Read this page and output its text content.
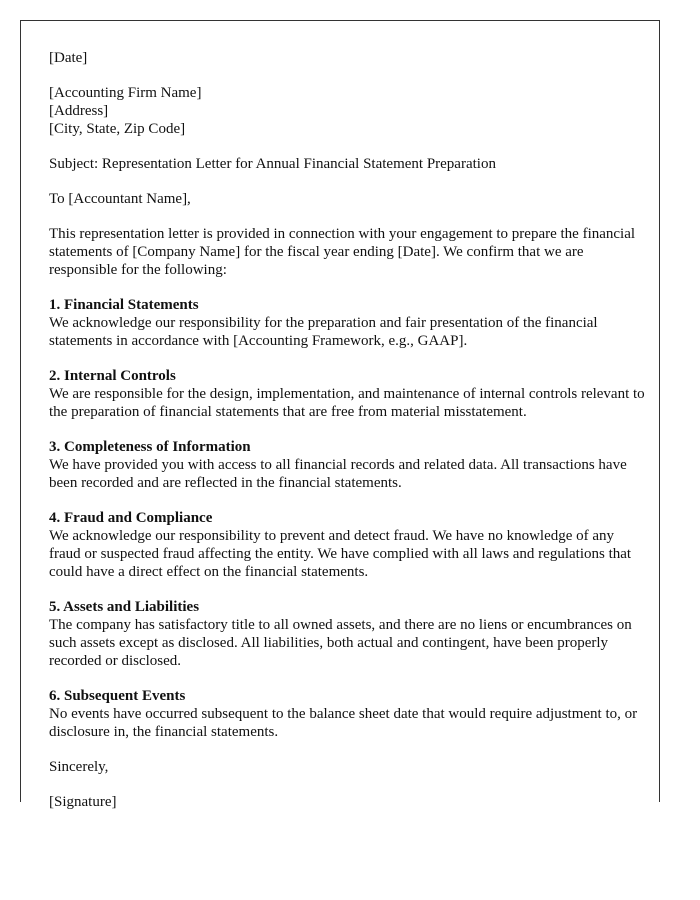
[Date]

[Accounting Firm Name]
[Address]
[City, State, Zip Code]

Subject: Representation Letter for Annual Financial Statement Preparation

To [Accountant Name],

This representation letter is provided in connection with your engagement to prepare the financial statements of [Company Name] for the fiscal year ending [Date]. We confirm that we are responsible for the following:

1. Financial Statements
We acknowledge our responsibility for the preparation and fair presentation of the financial statements in accordance with [Accounting Framework, e.g., GAAP].

2. Internal Controls
We are responsible for the design, implementation, and maintenance of internal controls relevant to the preparation of financial statements that are free from material misstatement.

3. Completeness of Information
We have provided you with access to all financial records and related data. All transactions have been recorded and are reflected in the financial statements.

4. Fraud and Compliance
We acknowledge our responsibility to prevent and detect fraud. We have no knowledge of any fraud or suspected fraud affecting the entity. We have complied with all laws and regulations that could have a direct effect on the financial statements.

5. Assets and Liabilities
The company has satisfactory title to all owned assets, and there are no liens or encumbrances on such assets except as disclosed. All liabilities, both actual and contingent, have been properly recorded or disclosed.

6. Subsequent Events
No events have occurred subsequent to the balance sheet date that would require adjustment to, or disclosure in, the financial statements.

Sincerely,

[Signature]
